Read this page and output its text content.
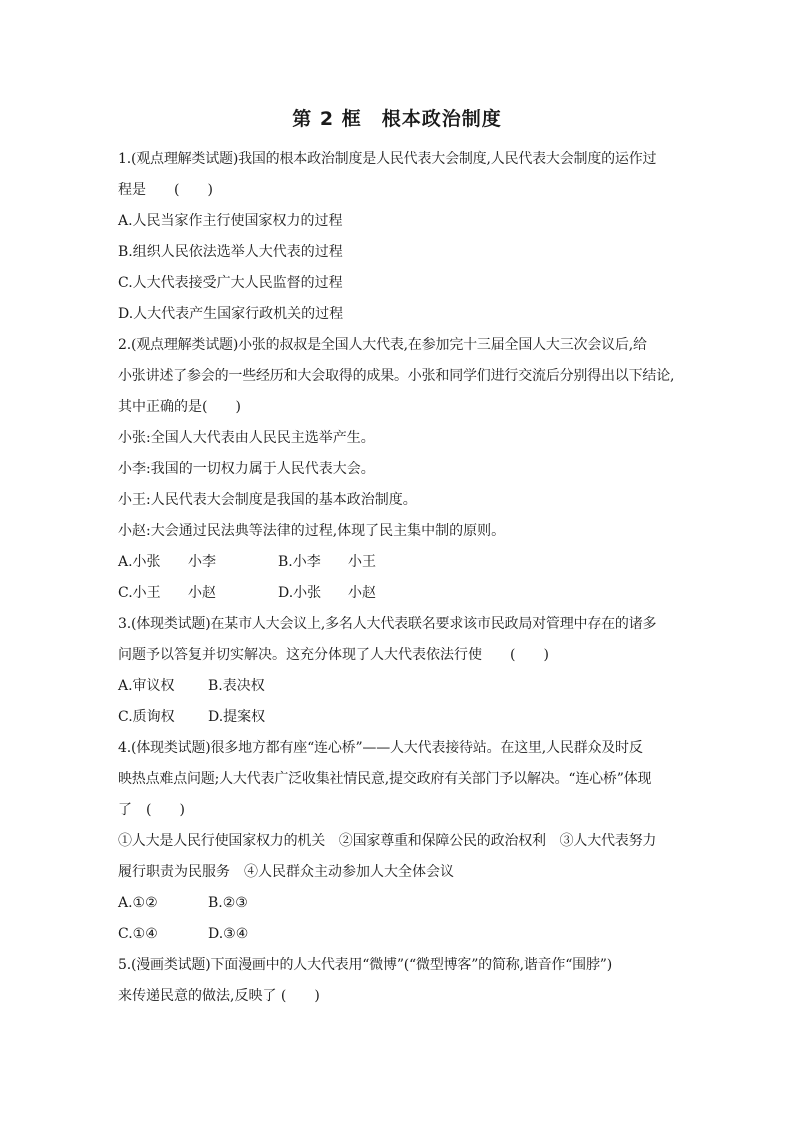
第 2 框　根本政治制度
1.(观点理解类试题)我国的根本政治制度是人民代表大会制度,人民代表大会制度的运作过
程是　　(　　)
A.人民当家作主行使国家权力的过程
B.组织人民依法选举人大代表的过程
C.人大代表接受广大人民监督的过程
D.人大代表产生国家行政机关的过程
2.(观点理解类试题)小张的叔叔是全国人大代表,在参加完十三届全国人大三次会议后,给
小张讲述了参会的一些经历和大会取得的成果。小张和同学们进行交流后分别得出以下结论,
其中正确的是(　　)
小张:全国人大代表由人民民主选举产生。
小李:我国的一切权力属于人民代表大会。
小王:人民代表大会制度是我国的基本政治制度。
小赵:大会通过民法典等法律的过程,体现了民主集中制的原则。
A.小张 小李	B.小李 小王
C.小王 小赵	D.小张 小赵
3.(体现类试题)在某市人大会议上,多名人大代表联名要求该市民政局对管理中存在的诸多
问题予以答复并切实解决。这充分体现了人大代表依法行使　　(　　)
A.审议权 B.表决权
C.质询权 D.提案权
4.(体现类试题)很多地方都有座“连心桥”——人大代表接待站。在这里,人民群众及时反
映热点难点问题;人大代表广泛收集社情民意,提交政府有关部门予以解决。“连心桥”体现
了　(　　)
①人大是人民行使国家权力的机关　②国家尊重和保障公民的政治权利　③人大代表努力
履行职责为民服务　④人民群众主动参加人大全体会议
A.①②	B.②③
C.①④	D.③④
5.(漫画类试题)下面漫画中的人大代表用“微博”(“微型博客”的简称,谐音作“围脖”)
来传递民意的做法,反映了 (　　)
